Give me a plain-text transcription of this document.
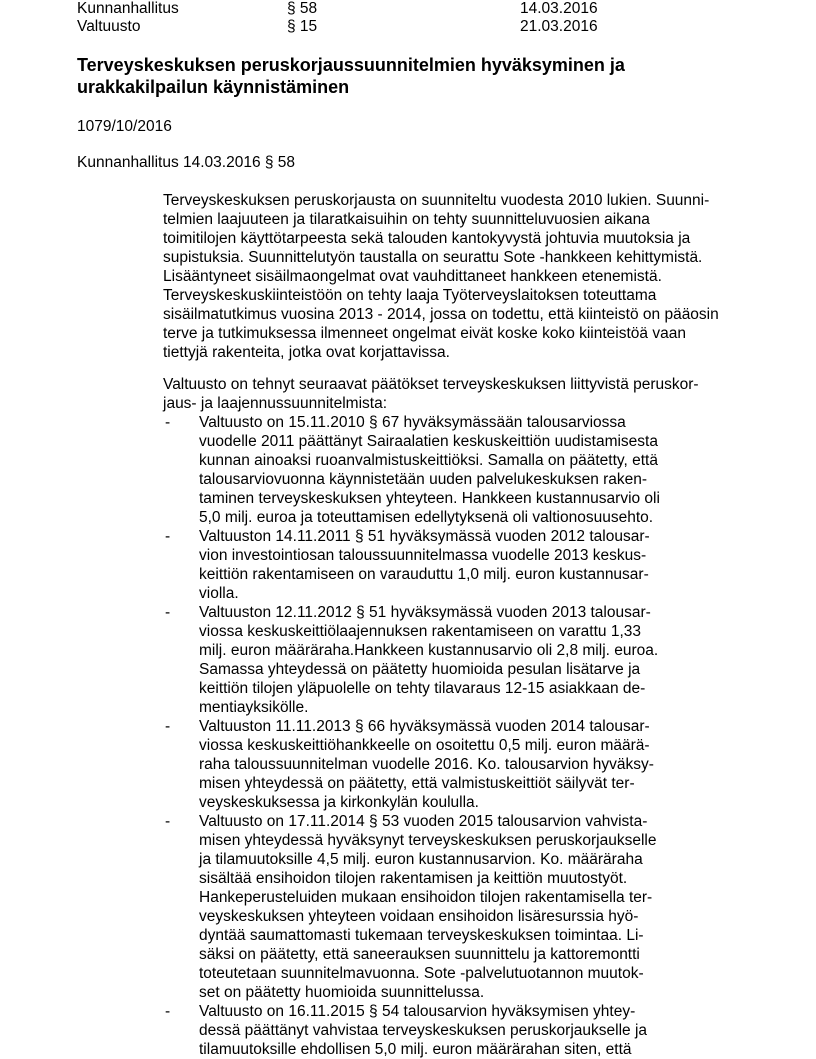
Kunnanhallitus	§ 58	14.03.2016
Valtuusto	§ 15	21.03.2016
Terveyskeskuksen peruskorjaussuunnitelmien hyväksyminen ja
urakkakilpailun käynnistäminen
1079/10/2016
Kunnanhallitus 14.03.2016 § 58
Terveyskeskuksen peruskorjausta on suunniteltu vuodesta 2010 lukien. Suunni-
telmien laajuuteen ja tilaratkaisuihin on tehty suunnitteluvuosien aikana
toimitilojen käyttötarpeesta sekä talouden kantokyvystä johtuvia muutoksia ja
supistuksia. Suunnittelutyön taustalla on seurattu Sote -hankkeen kehittymistä.
Lisääntyneet sisäilmaongelmat ovat vauhdittaneet hankkeen etenemistä.
Terveyskeskuskiinteistöön on tehty laaja Työterveyslaitoksen toteuttama
sisäilmatutkimus vuosina 2013 - 2014, jossa on todettu, että kiinteistö on pääosin
terve ja tutkimuksessa ilmenneet ongelmat eivät koske koko kiinteistöä vaan
tiettyjä rakenteita, jotka ovat korjattavissa.
Valtuusto on tehnyt seuraavat päätökset terveyskeskuksen liittyvistä peruskor-
jaus- ja laajennussuunnitelmista:
- Valtuusto on 15.11.2010 § 67 hyväksymässään talousarviossa
vuodelle 2011 päättänyt Sairaalatien keskuskeittiön uudistamisesta
kunnan ainoaksi ruoanvalmistuskeittiöksi. Samalla on päätetty, että
talousarviovuonna käynnistetään uuden palvelukeskuksen raken-
taminen terveyskeskuksen yhteyteen. Hankkeen kustannusarvio oli
5,0 milj. euroa ja toteuttamisen edellytyksenä oli valtionosuusehto.
- Valtuuston 14.11.2011 § 51 hyväksymässä vuoden 2012 talousar-
vion investointiosan taloussuunnitelmassa vuodelle 2013 keskus-
keittiön rakentamiseen on varauduttu 1,0 milj. euron kustannusar-
violla.
- Valtuuston 12.11.2012 § 51 hyväksymässä vuoden 2013 talousar-
viossa keskuskeittiölaajennuksen rakentamiseen on varattu 1,33
milj. euron määräraha.Hankkeen kustannusarvio oli 2,8 milj. euroa.
Samassa yhteydessä on päätetty huomioida pesulan lisätarve ja
keittiön tilojen yläpuolelle on tehty tilavaraus 12-15 asiakkaan de-
mentiayksikölle.
- Valtuuston 11.11.2013 § 66 hyväksymässä vuoden 2014 talousar-
viossa keskuskeittiöhankkeelle on osoitettu 0,5 milj. euron määrä-
raha taloussuunnitelman vuodelle 2016. Ko. talousarvion hyväksy-
misen yhteydessä on päätetty, että valmistuskeittiöt säilyvät ter-
veyskeskuksessa ja kirkonkylän koululla.
- Valtuusto on 17.11.2014 § 53 vuoden 2015 talousarvion vahvista-
misen yhteydessä hyväksynyt terveyskeskuksen peruskorjaukselle
ja tilamuutoksille 4,5 milj. euron kustannusarvion. Ko. määräraha
sisältää ensihoidon tilojen rakentamisen ja keittiön muutostyöt.
Hankeperusteluiden mukaan ensihoidon tilojen rakentamisella ter-
veyskeskuksen yhteyteen voidaan ensihoidon lisäresurssia hyö-
dyntää saumattomasti tukemaan terveyskeskuksen toimintaa. Li-
säksi on päätetty, että saneerauksen suunnittelu ja kattoremontti
toteutetaan suunnitelmavuonna. Sote -palvelutuotannon muutok-
set on päätetty huomioida suunnittelussa.
- Valtuusto on 16.11.2015 § 54 talousarvion hyväksymisen yhtey-
dessä päättänyt vahvistaa terveyskeskuksen peruskorjaukselle ja
tilamuutoksille ehdollisen 5,0 milj. euron määrärahan siten, että
